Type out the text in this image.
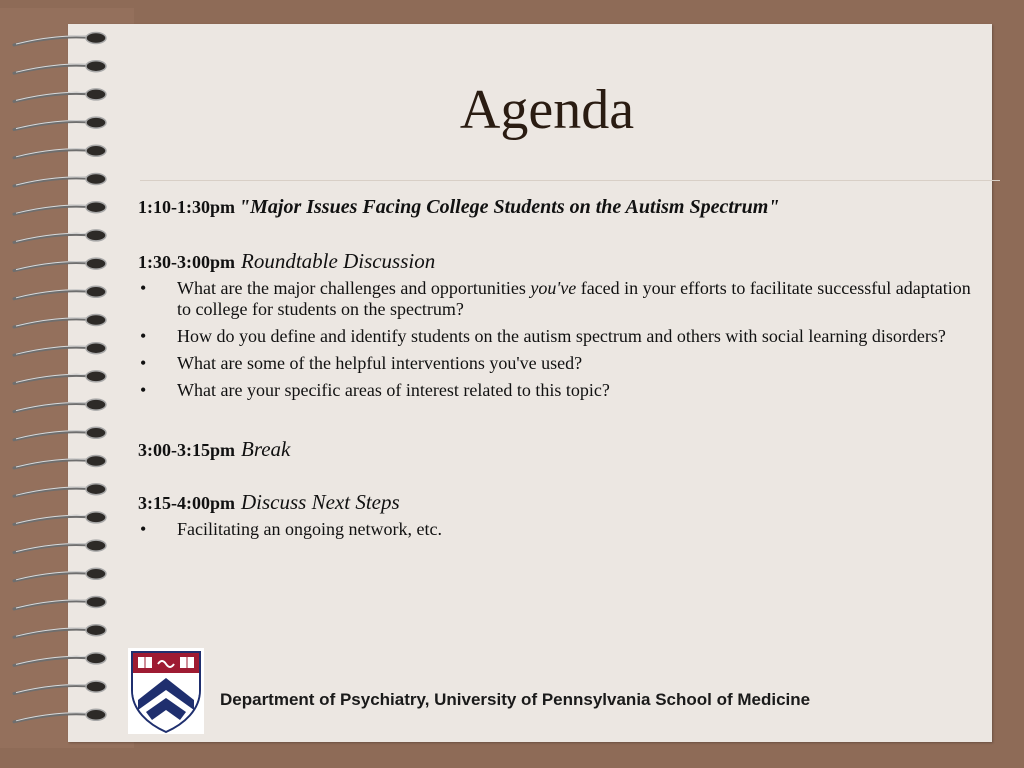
Agenda

1:10-1:30pm "Major Issues Facing College Students on the Autism Spectrum"

1:30-3:00pm Roundtable Discussion

• What are the major challenges and opportunities you've faced in your efforts to facilitate successful adaptation to college for students on the spectrum?
• How do you define and identify students on the autism spectrum and others with social learning disorders?
• What are some of the helpful interventions you've used?
• What are your specific areas of interest related to this topic?

3:00-3:15pm Break

3:15-4:00pm Discuss Next Steps

• Facilitating an ongoing network, etc.
Department of Psychiatry, University of Pennsylvania School of Medicine
